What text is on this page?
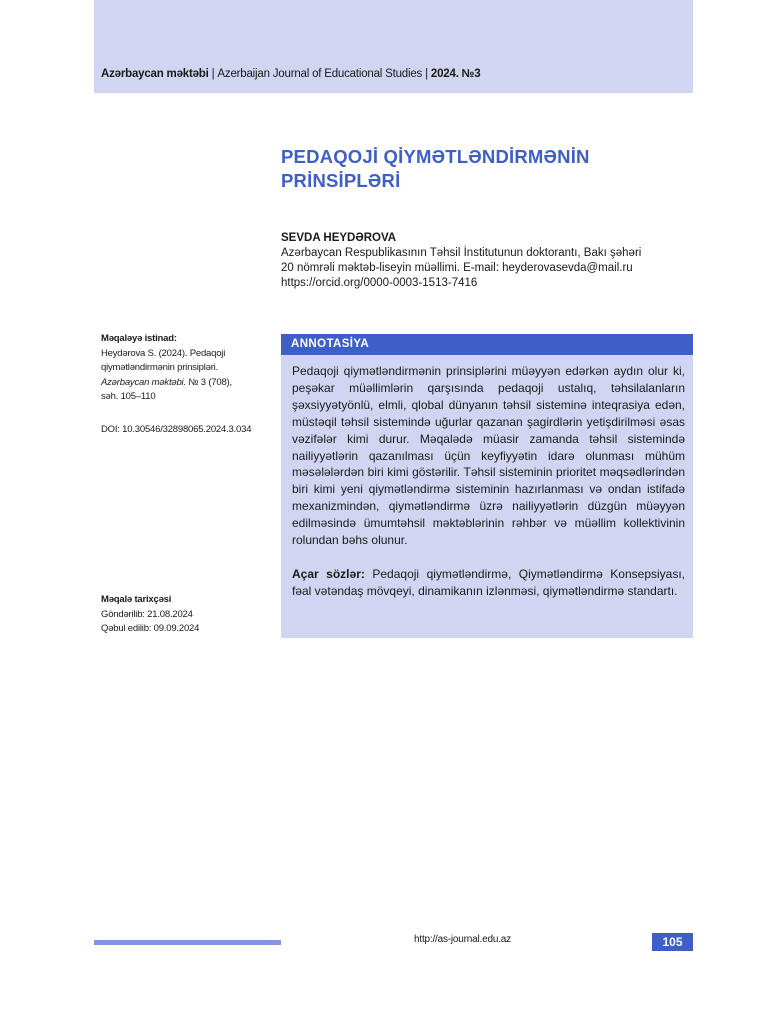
Azərbaycan məktəbi | Azerbaijan Journal of Educational Studies | 2024. №3
PEDAQOJİ QİYMƏTLƏNDİRMƏNİN
PRİNSİPLƏRİ
SEVDA HEYDƏROVA
Azərbaycan Respublikasının Təhsil İnstitutunun doktorantı, Bakı şəhəri
20 nömrəli məktəb-liseyin müəllimi. E-mail: heyderovasevda@mail.ru
https://orcid.org/0000-0003-1513-7416
Məqaləyə istinad:
Heydərova S. (2024). Pedaqoji
qiymətləndirmənin prinsipləri.
Azərbaycan məktəbi. № 3 (708),
səh. 105–110
DOI: 10.30546/32898065.2024.3.034
Məqalə tarixçəsi
Göndərilib: 21.08.2024
Qəbul edilib: 09.09.2024
ANNOTASİYA

Pedaqoji qiymətləndirmənin prinsiplərini müəyyən edərkən aydın olur ki, peşəkar müəllimlərin qarşısında pedaqoji ustalıq, təhsilalanların şəxsiyyətyönlü, elmli, qlobal dünyanın təhsil sisteminə inteqrasiya edən, müstəqil təhsil sistemində uğurlar qazanan şagirdlərin yetişdirilməsi əsas vəzifələr kimi durur. Məqalədə müasir zamanda təhsil sistemində nailiyyətlərin qazanılması üçün keyfiyyətin idarə olunması mühüm məsələlərdən biri kimi göstərilir. Təhsil sisteminin prioritet məqsədlərindən biri kimi yeni qiymətləndirmə sisteminin hazırlanması və ondan istifadə mexanizmindən, qiymətləndirmə üzrə nailiyyətlərin düzgün müəyyən edilməsində ümumtəhsil məktəblərinin rəhbər və müəllim kollektivinin rolundan bəhs olunur.

Açar sözlər: Pedaqoji qiymətləndirmə, Qiymətləndirmə Konsepsiyası, fəal vətəndaş mövqeyi, dinamikanın izlənməsi, qiymətləndirmə standartı.

http://as-journal.edu.az	105
